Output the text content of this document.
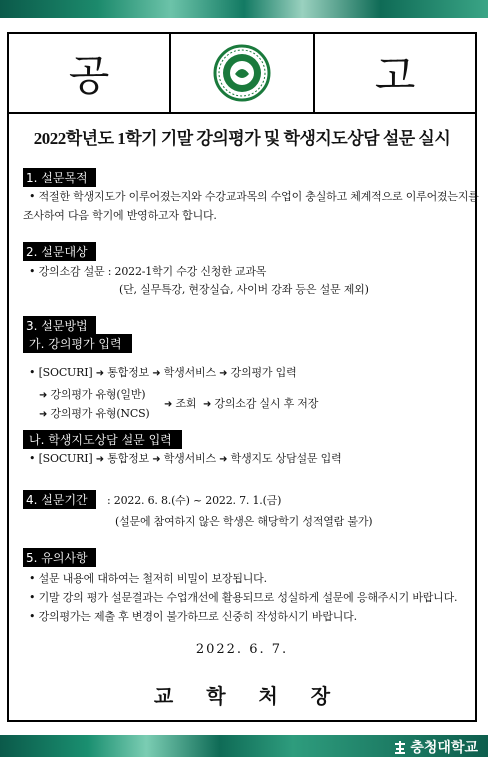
공	고
2022학년도 1학기 기말 강의평가 및 학생지도상담 설문 실시
1. 설문목적
• 적절한 학생지도가 이루어졌는지와 수강교과목의 수업이 충실하고 체계적으로 이루어졌는지를
조사하여 다음 학기에 반영하고자 합니다.
2. 설문대상
• 강의소감 설문 : 2022-1학기 수강 신청한 교과목
(단, 실무특강, 현장실습, 사이버 강좌 등은 설문 제외)
3. 설문방법
가. 강의평가 입력
• [SOCURI] ➜ 통합정보 ➜ 학생서비스 ➜ 강의평가 입력
➜ 강의평가 유형(일반)
➜ 강의평가 유형(NCS)
➜ 조회 ➜ 강의소감 실시 후 저장
나. 학생지도상담 설문 입력
• [SOCURI] ➜ 통합정보 ➜ 학생서비스 ➜ 학생지도 상담설문 입력
4. 설문기간	: 2022. 6. 8.(수) ~ 2022. 7. 1.(금)
(설문에 참여하지 않은 학생은 해당학기 성적열람 불가)
5. 유의사항
• 설문 내용에 대하여는 철저히 비밀이 보장됩니다.
• 기말 강의 평가 설문결과는 수업개선에 활용되므로 성실하게 설문에 응해주시기 바랍니다.
• 강의평가는 제출 후 변경이 불가하므로 신중히 작성하시기 바랍니다.
2022. 6. 7.
교 학 처 장
충청대학교
